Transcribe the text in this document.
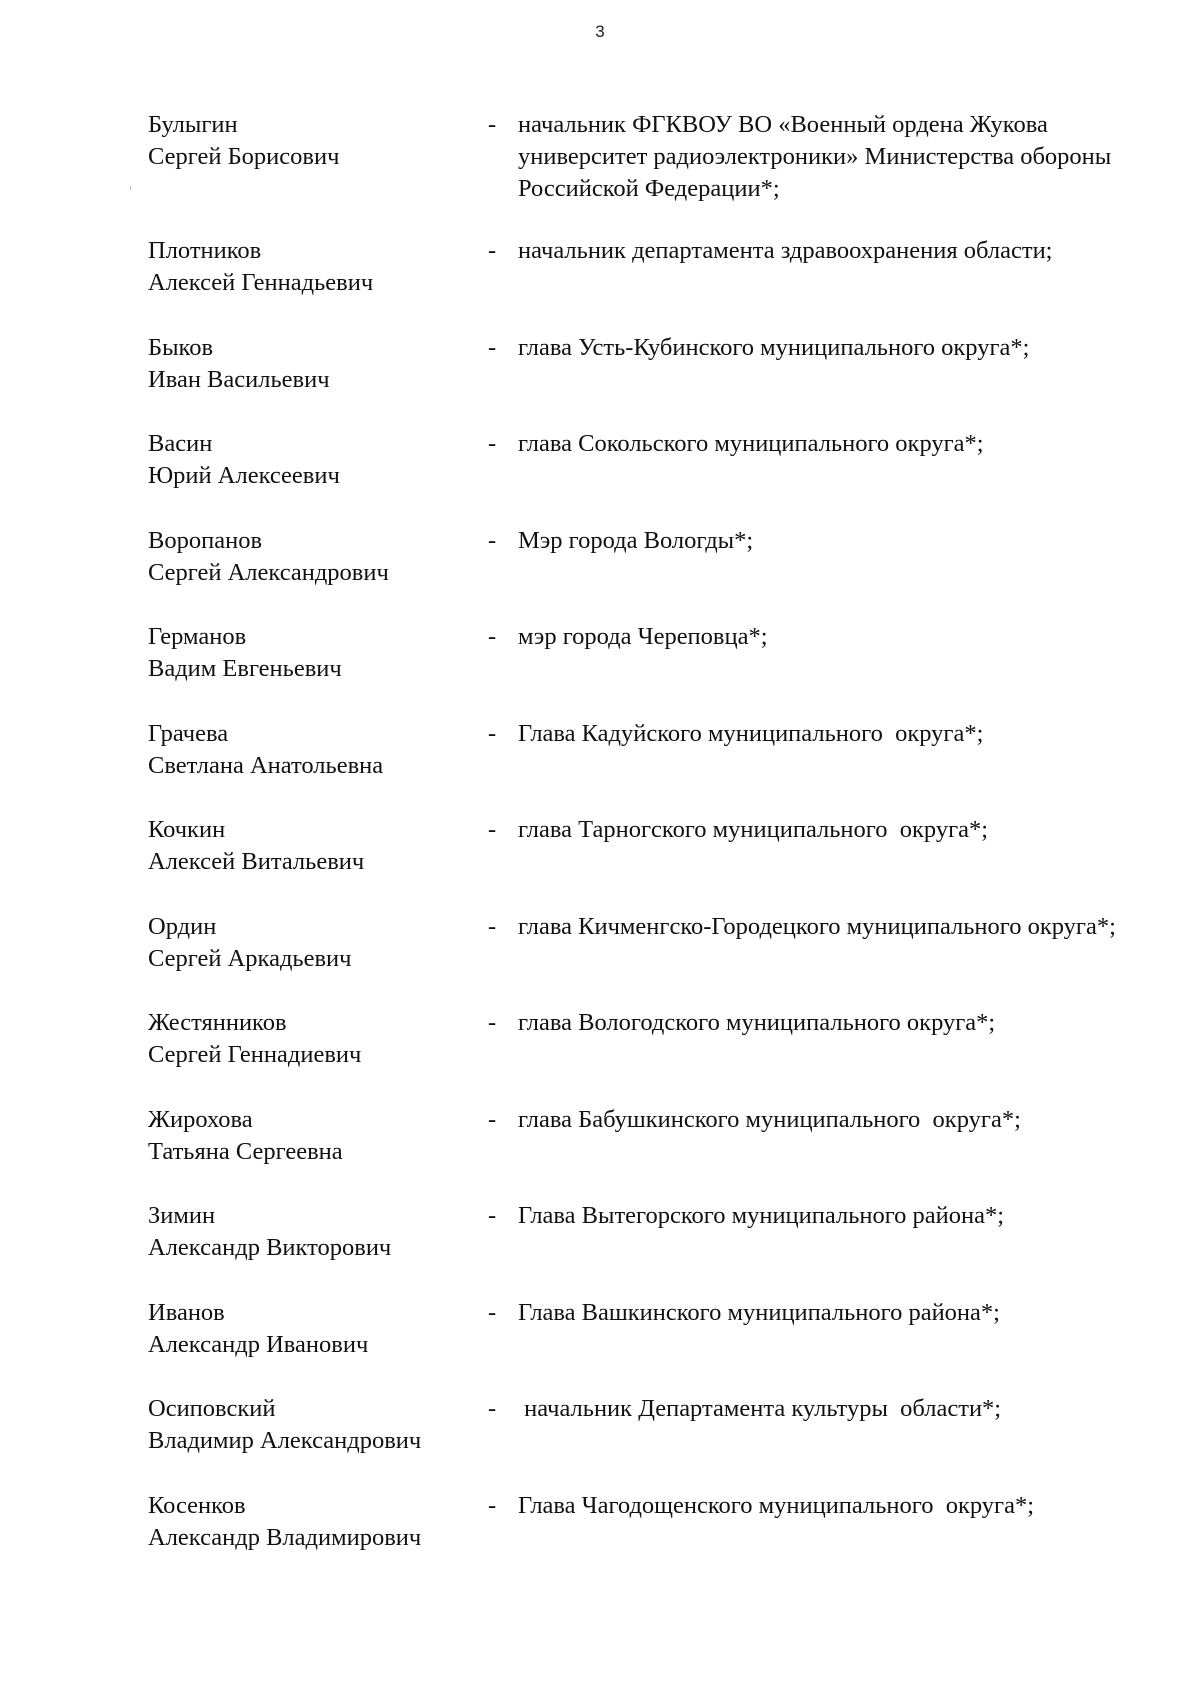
3
Булыгин
Сергей Борисович
- начальник ФГКВОУ ВО «Военный ордена Жукова университет радиоэлектроники» Министерства обороны Российской Федерации*;
Плотников
Алексей Геннадьевич
- начальник департамента здравоохранения области;
Быков
Иван Васильевич
- глава Усть-Кубинского муниципального округа*;
Васин
Юрий Алексеевич
- глава Сокольского муниципального округа*;
Воропанов
Сергей Александрович
- Мэр города Вологды*;
Германов
Вадим Евгеньевич
- мэр города Череповца*;
Грачева
Светлана Анатольевна
- Глава Кадуйского муниципального  округа*;
Кочкин
Алексей Витальевич
- глава Тарногского муниципального  округа*;
Ордин
Сергей Аркадьевич
- глава Кичменгско-Городецкого муниципального округа*;
Жестянников
Сергей Геннадиевич
- глава Вологодского муниципального округа*;
Жирохова
Татьяна Сергеевна
- глава Бабушкинского муниципального  округа*;
Зимин
Александр Викторович
- Глава Вытегорского муниципального района*;
Иванов
Александр Иванович
- Глава Вашкинского муниципального района*;
Осиповский
Владимир Александрович
- начальник Департамента культуры  области*;
Косенков
Александр Владимирович
- Глава Чагодощенского муниципального  округа*;
